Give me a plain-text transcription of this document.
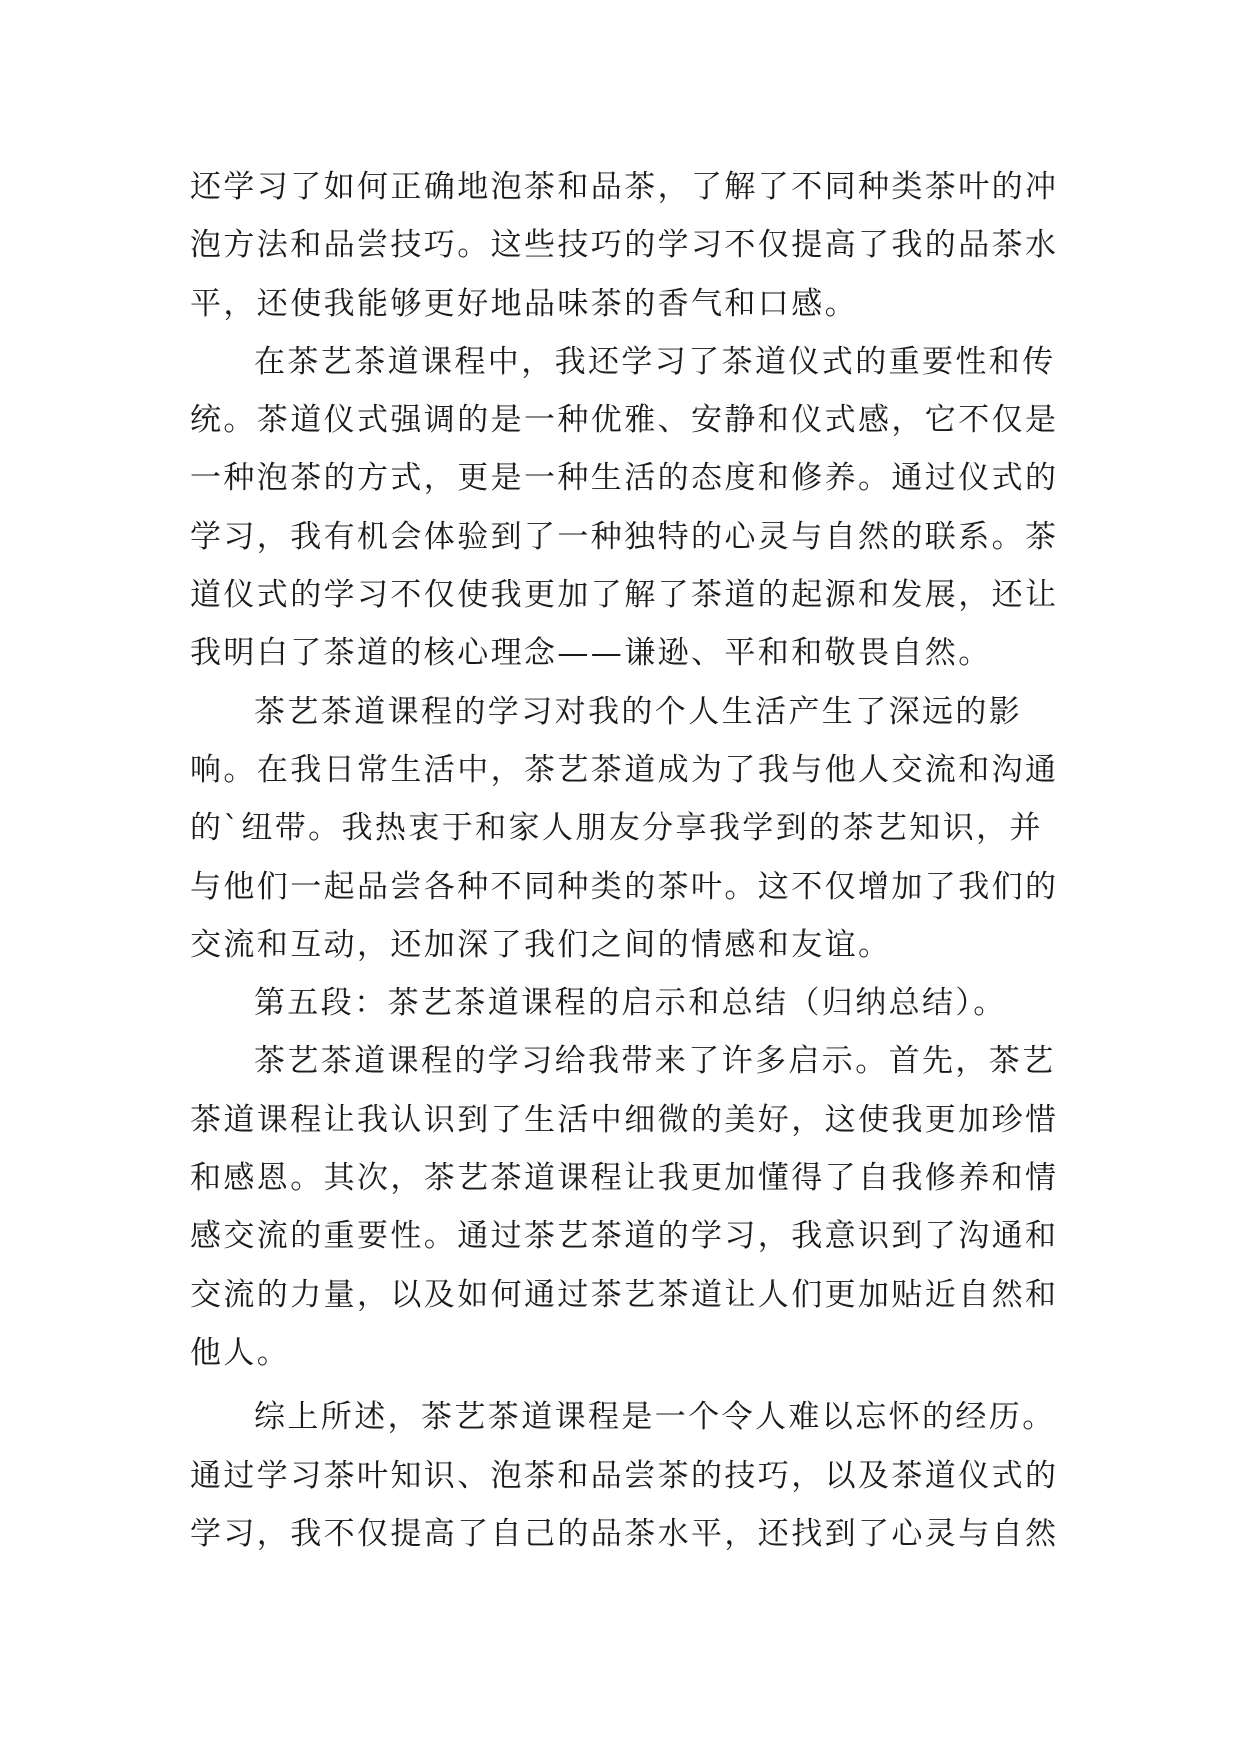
还学习了如何正确地泡茶和品茶，了解了不同种类茶叶的冲

泡方法和品尝技巧。这些技巧的学习不仅提高了我的品茶水

平，还使我能够更好地品味茶的香气和口感。

在茶艺茶道课程中，我还学习了茶道仪式的重要性和传

统。茶道仪式强调的是一种优雅、安静和仪式感，它不仅是

一种泡茶的方式，更是一种生活的态度和修养。通过仪式的

学习，我有机会体验到了一种独特的心灵与自然的联系。茶

道仪式的学习不仅使我更加了解了茶道的起源和发展，还让

我明白了茶道的核心理念——谦逊、平和和敬畏自然。

茶艺茶道课程的学习对我的个人生活产生了深远的影

响。在我日常生活中，茶艺茶道成为了我与他人交流和沟通

的`纽带。我热衷于和家人朋友分享我学到的茶艺知识，并

与他们一起品尝各种不同种类的茶叶。这不仅增加了我们的

交流和互动，还加深了我们之间的情感和友谊。

第五段：茶艺茶道课程的启示和总结（归纳总结）。

茶艺茶道课程的学习给我带来了许多启示。首先，茶艺

茶道课程让我认识到了生活中细微的美好，这使我更加珍惜

和感恩。其次，茶艺茶道课程让我更加懂得了自我修养和情

感交流的重要性。通过茶艺茶道的学习，我意识到了沟通和

交流的力量，以及如何通过茶艺茶道让人们更加贴近自然和

他人。

综上所述，茶艺茶道课程是一个令人难以忘怀的经历。

通过学习茶叶知识、泡茶和品尝茶的技巧，以及茶道仪式的

学习，我不仅提高了自己的品茶水平，还找到了心灵与自然
